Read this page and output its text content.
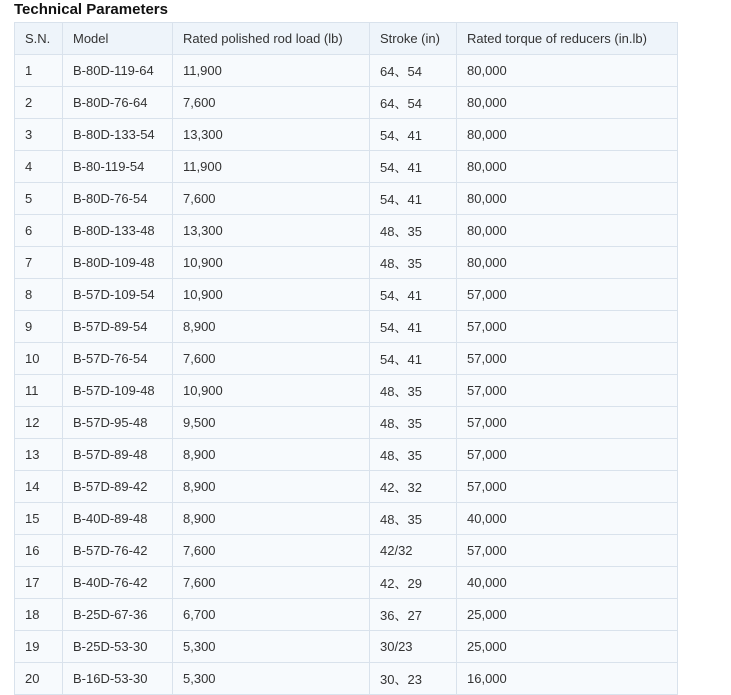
Technical Parameters
S.N.	Model	Rated polished rod load (lb)	Stroke (in)	Rated torque of reducers (in.lb)
1	B-80D-119-64	11,900	64、54	80,000
2	B-80D-76-64	7,600	64、54	80,000
3	B-80D-133-54	13,300	54、41	80,000
4	B-80-119-54	11,900	54、41	80,000
5	B-80D-76-54	7,600	54、41	80,000
6	B-80D-133-48	13,300	48、35	80,000
7	B-80D-109-48	10,900	48、35	80,000
8	B-57D-109-54	10,900	54、41	57,000
9	B-57D-89-54	8,900	54、41	57,000
10	B-57D-76-54	7,600	54、41	57,000
11	B-57D-109-48	10,900	48、35	57,000
12	B-57D-95-48	9,500	48、35	57,000
13	B-57D-89-48	8,900	48、35	57,000
14	B-57D-89-42	8,900	42、32	57,000
15	B-40D-89-48	8,900	48、35	40,000
16	B-57D-76-42	7,600	42/32	57,000
17	B-40D-76-42	7,600	42、29	40,000
18	B-25D-67-36	6,700	36、27	25,000
19	B-25D-53-30	5,300	30/23	25,000
20	B-16D-53-30	5,300	30、23	16,000
